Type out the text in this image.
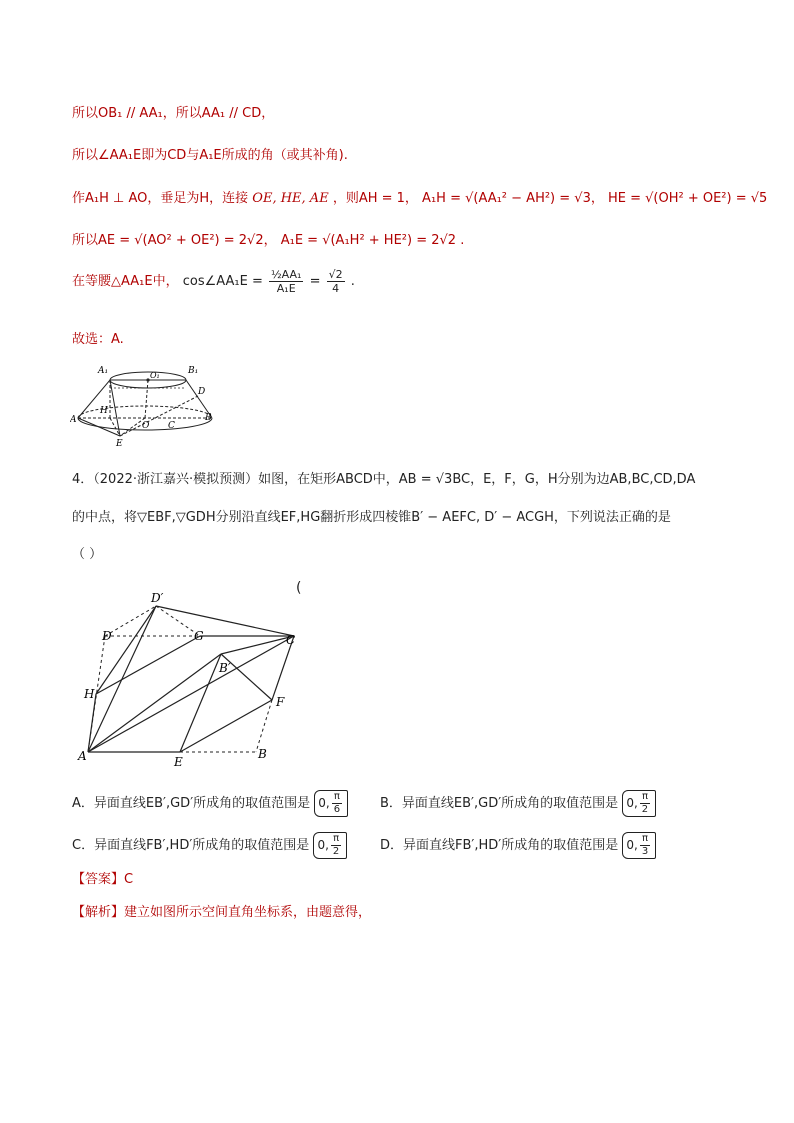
所以OB₁ // AA₁，所以AA₁ // CD，
所以∠AA₁E即为CD与A₁E所成的角（或其补角).
作A₁H ⊥ AO，垂足为H，连接 OE, HE, AE ，则AH = 1， A₁H = √(AA₁² − AH²) = √3， HE = √(OH² + OE²) = √5
所以AE = √(AO² + OE²) = 2√2， A₁E = √(A₁H² + HE²) = 2√2 .
在等腰△AA₁E中， cos∠AA₁E = $\frac{\text{½AA₁}}{\text{A₁E}} = \frac{√2}{4}$ .
故选：A.
A₁	B₁
O₁
D
H
O C
A	B
E
4．（2022·浙江嘉兴·模拟预测）如图，在矩形ABCD中，AB = √3BC，E，F，G，H分别为边AB,BC,CD,DA
的中点，将▽EBF,▽GDH分别沿直线EF,HG翻折形成四棱锥B′ − AEFC, D′ − ACGH，下列说法正确的是
（ ）
(
D′
D	G	C
B′
H
F
A	E
B
A．异面直线EB′,GD′所成角的取值范围是 0, $\frac{\pi}{6}$	B．异面直线EB′,GD′所成角的取值范围是 0, $\frac{\pi}{2}$
C．异面直线FB′,HD′所成角的取值范围是 0, $\frac{\pi}{2}$	D．异面直线FB′,HD′所成角的取值范围是 0, $\frac{\pi}{3}$
【答案】C
【解析】建立如图所示空间直角坐标系，由题意得，
